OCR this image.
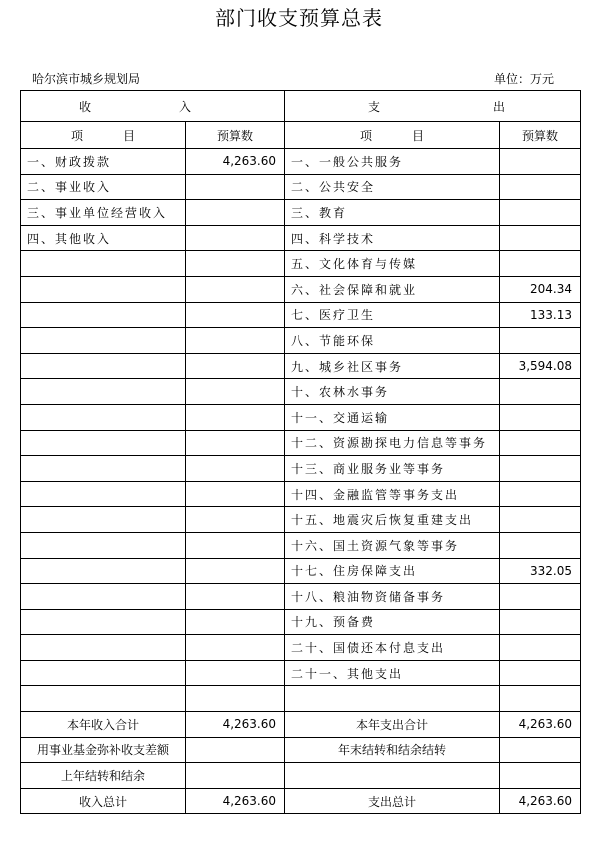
部门收支预算总表
哈尔滨市城乡规划局	单位：万元
收 入		支 出	
项 目	预算数	项 目	预算数
一、财政拨款	4,263.60	一、一般公共服务	
二、事业收入		二、公共安全	
三、事业单位经营收入		三、教育	
四、其他收入		四、科学技术	
		五、文化体育与传媒	
		六、社会保障和就业	204.34
		七、医疗卫生	133.13
		八、节能环保	
		九、城乡社区事务	3,594.08
		十、农林水事务	
		十一、交通运输	
		十二、资源勘探电力信息等事务	
		十三、商业服务业等事务	
		十四、金融监管等事务支出	
		十五、地震灾后恢复重建支出	
		十六、国土资源气象等事务	
		十七、住房保障支出	332.05
		十八、粮油物资储备事务	
		十九、预备费	
		二十、国债还本付息支出	
		二十一、其他支出	

本年收入合计	4,263.60	本年支出合计	4,263.60
用事业基金弥补收支差额		年末结转和结余结转	
上年结转和结余			
收入总计	4,263.60	支出总计	4,263.60
